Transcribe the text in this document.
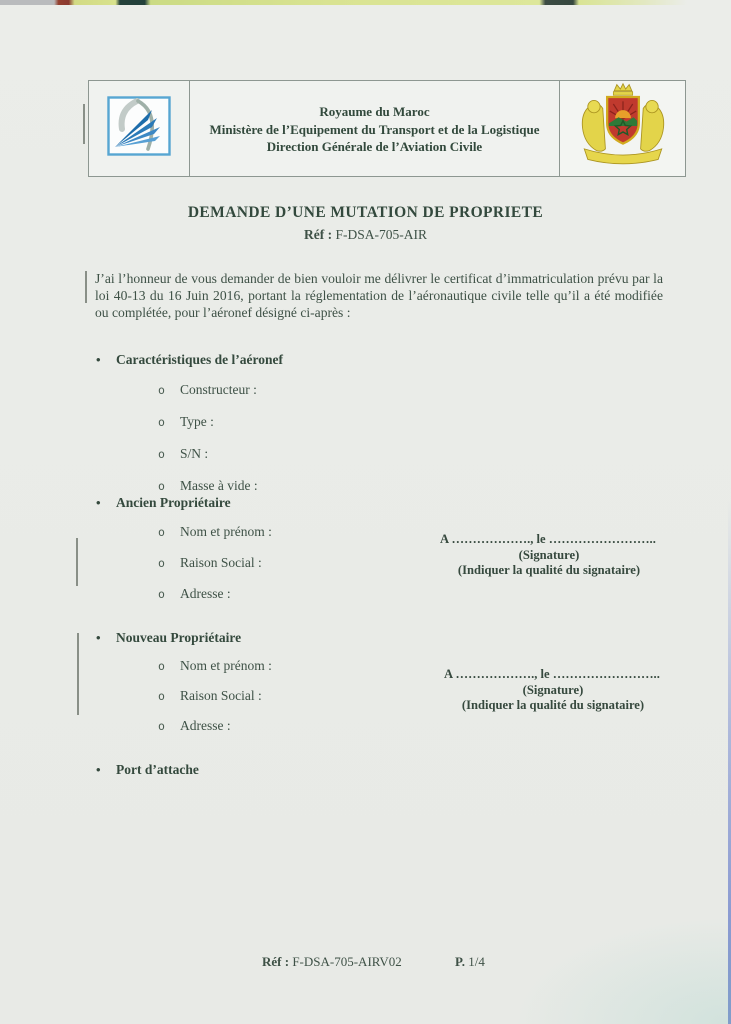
Royaume du Maroc
Ministère de l’Equipement du Transport et de la Logistique
Direction Générale de l’Aviation Civile
DEMANDE D’UNE MUTATION DE PROPRIETE
Réf : F-DSA-705-AIR

J’ai l’honneur de vous demander de bien vouloir me délivrer le certificat d’immatriculation prévu par la loi 40-13 du 16 Juin 2016, portant la réglementation de l’aéronautique civile telle qu’il a été modifiée ou complétée, pour l’aéronef désigné ci-après :

•	Caractéristiques de l’aéronef
o	Constructeur :
o	Type :
o	S/N :
o	Masse à vide :
•	Ancien Propriétaire
o	Nom et prénom :
o	Raison Social :
o	Adresse :
A ………………., le ……………………..
(Signature)
(Indiquer la qualité du signataire)
•	Nouveau Propriétaire
o	Nom et prénom :
o	Raison Social :
o	Adresse :
A ………………., le ……………………..
(Signature)
(Indiquer la qualité du signataire)
•	Port d’attache
Réf : F-DSA-705-AIRV02	P. 1/4
